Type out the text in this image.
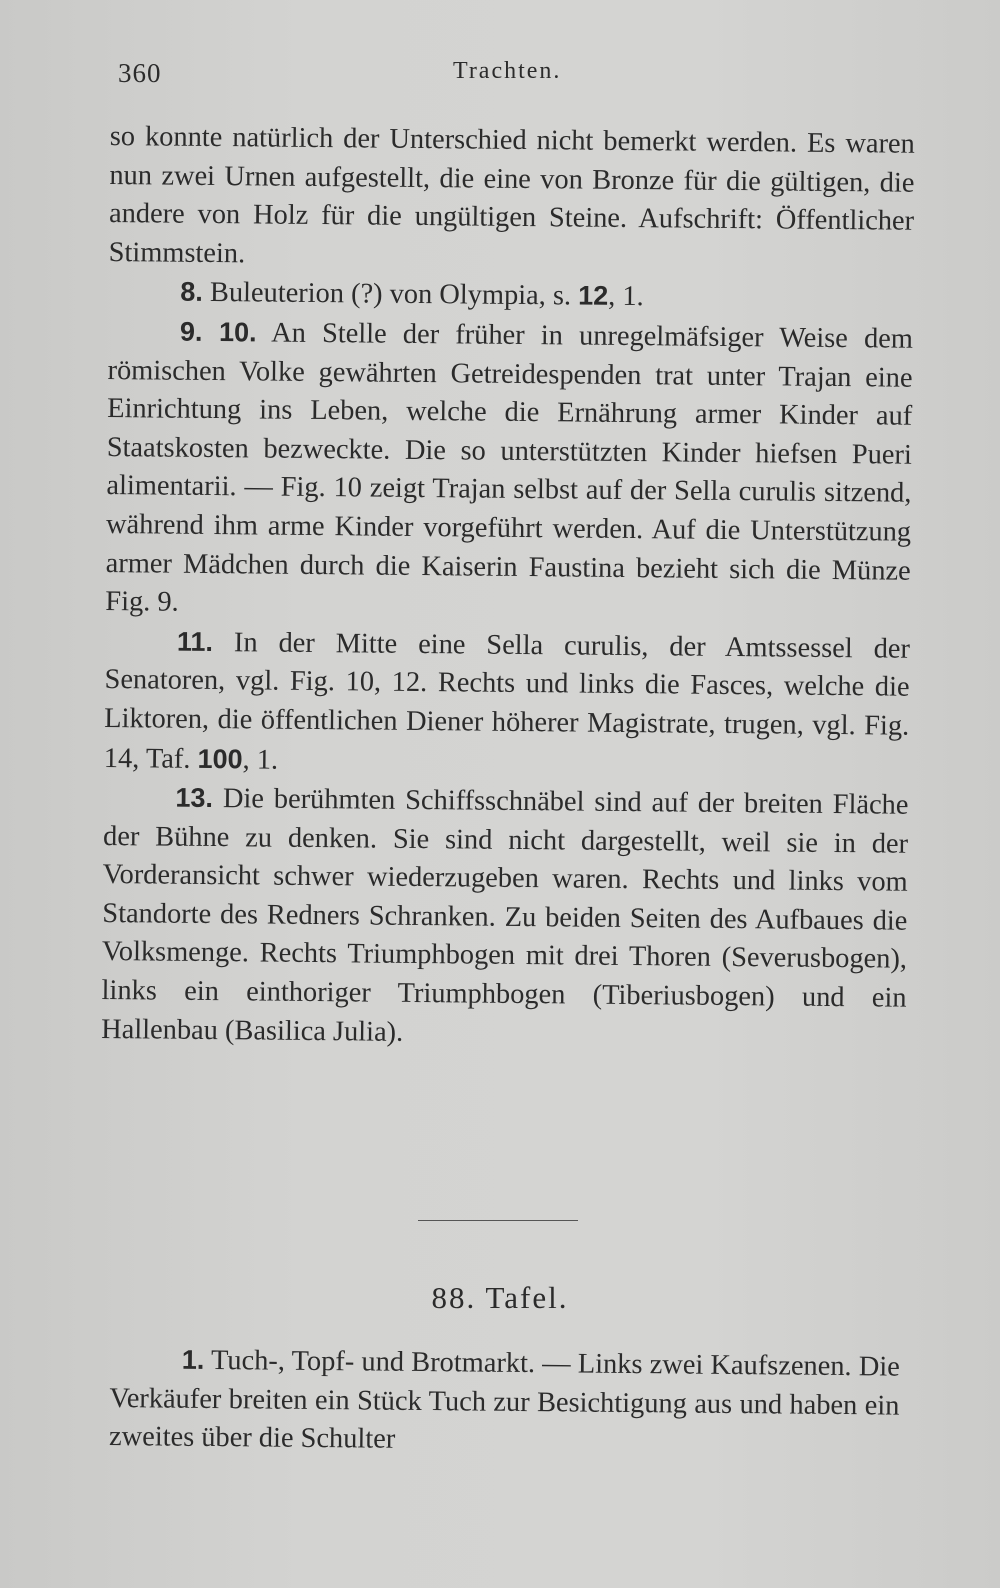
360	Trachten.

so konnte natürlich der Unterschied nicht bemerkt werden. Es waren nun zwei Urnen aufgestellt, die eine von Bronze für die gültigen, die andere von Holz für die ungültigen Steine. Aufschrift: Öffentlicher Stimmstein.

8. Buleuterion (?) von Olympia, s. 12, 1.

9. 10. An Stelle der früher in unregelmäfsiger Weise dem römischen Volke gewährten Getreidespenden trat unter Trajan eine Einrichtung ins Leben, welche die Ernährung armer Kinder auf Staatskosten bezweckte. Die so unterstützten Kinder hiefsen Pueri alimentarii. — Fig. 10 zeigt Trajan selbst auf der Sella curulis sitzend, während ihm arme Kinder vorgeführt werden. Auf die Unterstützung armer Mädchen durch die Kaiserin Faustina bezieht sich die Münze Fig. 9.

11. In der Mitte eine Sella curulis, der Amtssessel der Senatoren, vgl. Fig. 10, 12. Rechts und links die Fasces, welche die Liktoren, die öffentlichen Diener höherer Magistrate, trugen, vgl. Fig. 14, Taf. 100, 1.

13. Die berühmten Schiffsschnäbel sind auf der breiten Fläche der Bühne zu denken. Sie sind nicht dargestellt, weil sie in der Vorderansicht schwer wiederzugeben waren. Rechts und links vom Standorte des Redners Schranken. Zu beiden Seiten des Aufbaues die Volksmenge. Rechts Triumphbogen mit drei Thoren (Severusbogen), links ein einthoriger Triumphbogen (Tiberiusbogen) und ein Hallenbau (Basilica Julia).

88. Tafel.

1. Tuch-, Topf- und Brotmarkt. — Links zwei Kaufszenen. Die Verkäufer breiten ein Stück Tuch zur Besichtigung aus und haben ein zweites über die Schulter
